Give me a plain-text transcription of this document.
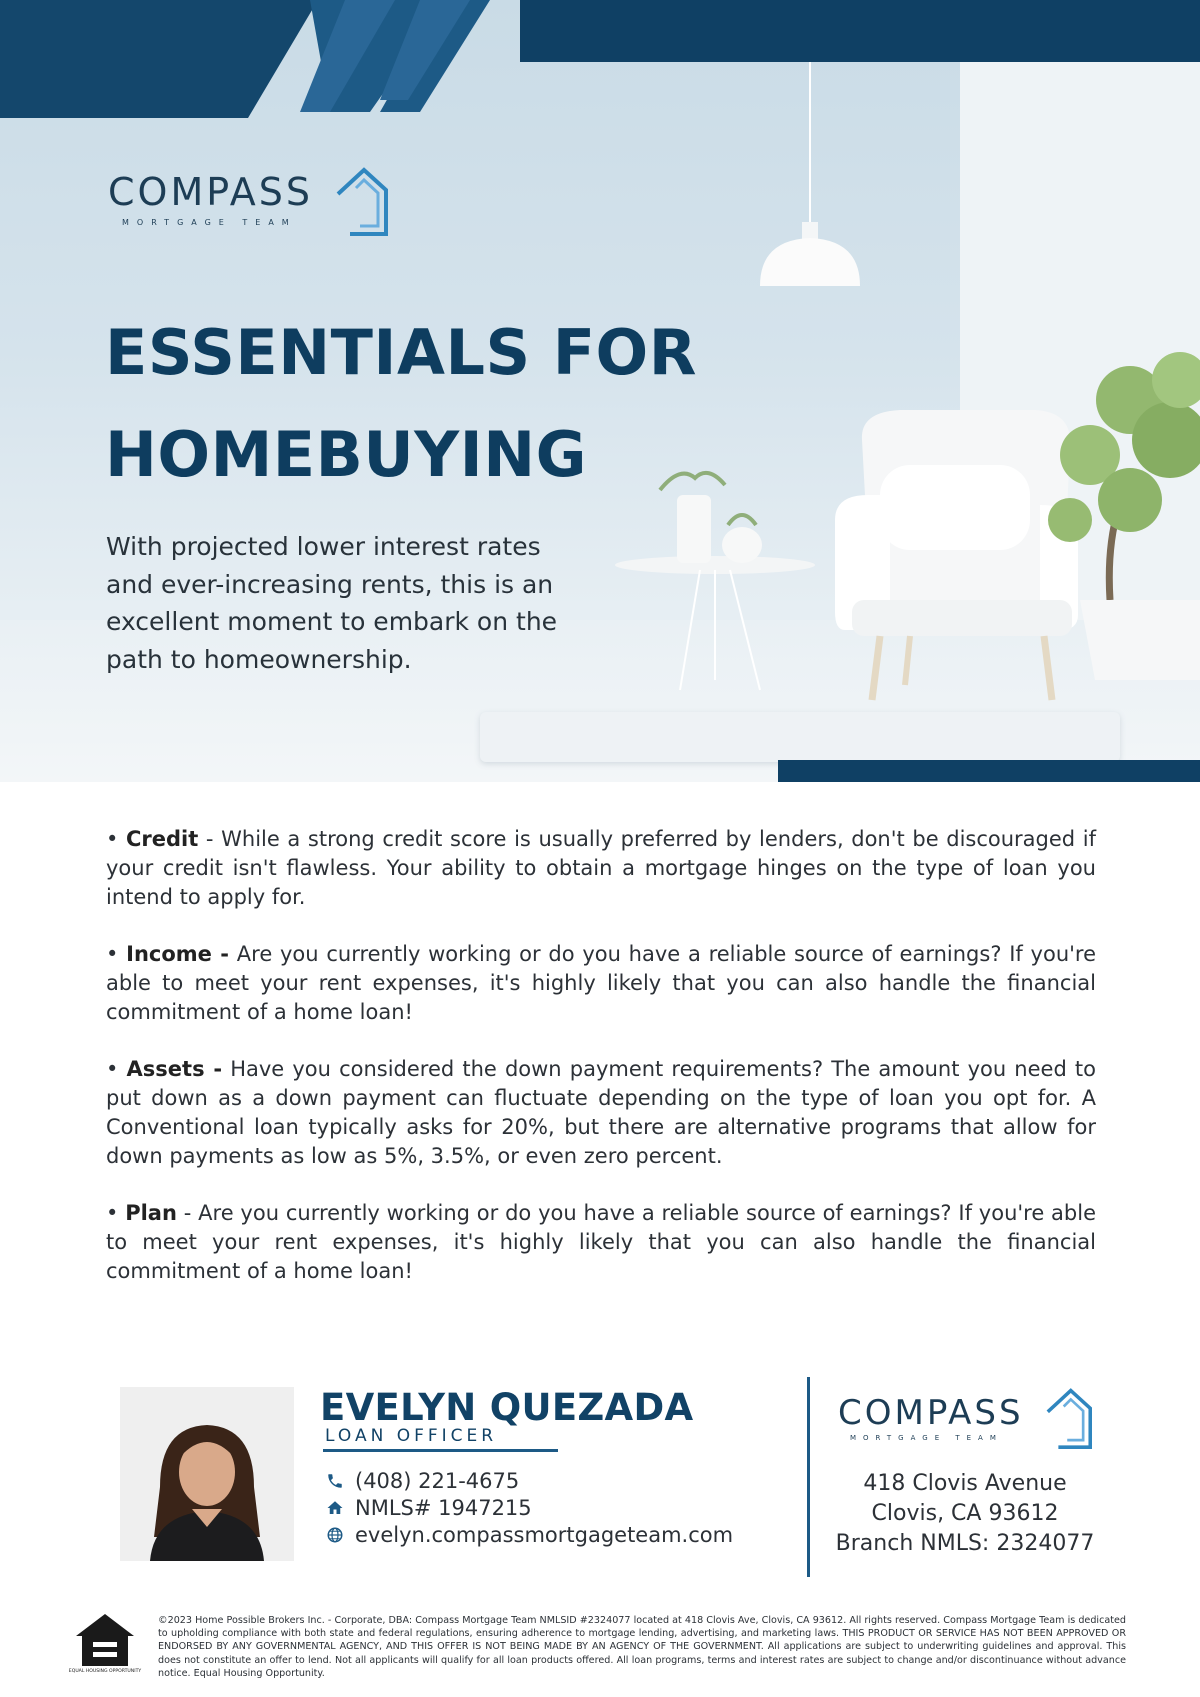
COMPASS
MORTGAGE TEAM
ESSENTIALS FOR
HOMEBUYING
With projected lower interest rates
and ever-increasing rents, this is an
excellent moment to embark on the
path to homeownership.
• Credit - While a strong credit score is usually preferred by lenders, don't be discouraged if your credit isn't flawless. Your ability to obtain a mortgage hinges on the type of loan you intend to apply for.
• Income - Are you currently working or do you have a reliable source of earnings? If you're able to meet your rent expenses, it's highly likely that you can also handle the financial commitment of a home loan!
• Assets - Have you considered the down payment requirements? The amount you need to put down as a down payment can fluctuate depending on the type of loan you opt for. A Conventional loan typically asks for 20%, but there are alternative programs that allow for down payments as low as 5%, 3.5%, or even zero percent.
• Plan - Are you currently working or do you have a reliable source of earnings? If you're able to meet your rent expenses, it's highly likely that you can also handle the financial commitment of a home loan!
EVELYN QUEZADA
LOAN OFFICER
(408) 221-4675
NMLS# 1947215
evelyn.compassmortgageteam.com
COMPASS
MORTGAGE TEAM
418 Clovis Avenue
Clovis, CA 93612
Branch NMLS: 2324077
EQUAL HOUSING OPPORTUNITY
©2023 Home Possible Brokers Inc. - Corporate, DBA: Compass Mortgage Team NMLSID #2324077 located at 418 Clovis Ave, Clovis, CA 93612. All rights reserved. Compass Mortgage Team is dedicated to upholding compliance with both state and federal regulations, ensuring adherence to mortgage lending, advertising, and marketing laws. THIS PRODUCT OR SERVICE HAS NOT BEEN APPROVED OR ENDORSED BY ANY GOVERNMENTAL AGENCY, AND THIS OFFER IS NOT BEING MADE BY AN AGENCY OF THE GOVERNMENT. All applications are subject to underwriting guidelines and approval. This does not constitute an offer to lend. Not all applicants will qualify for all loan products offered. All loan programs, terms and interest rates are subject to change and/or discontinuance without advance notice. Equal Housing Opportunity.
